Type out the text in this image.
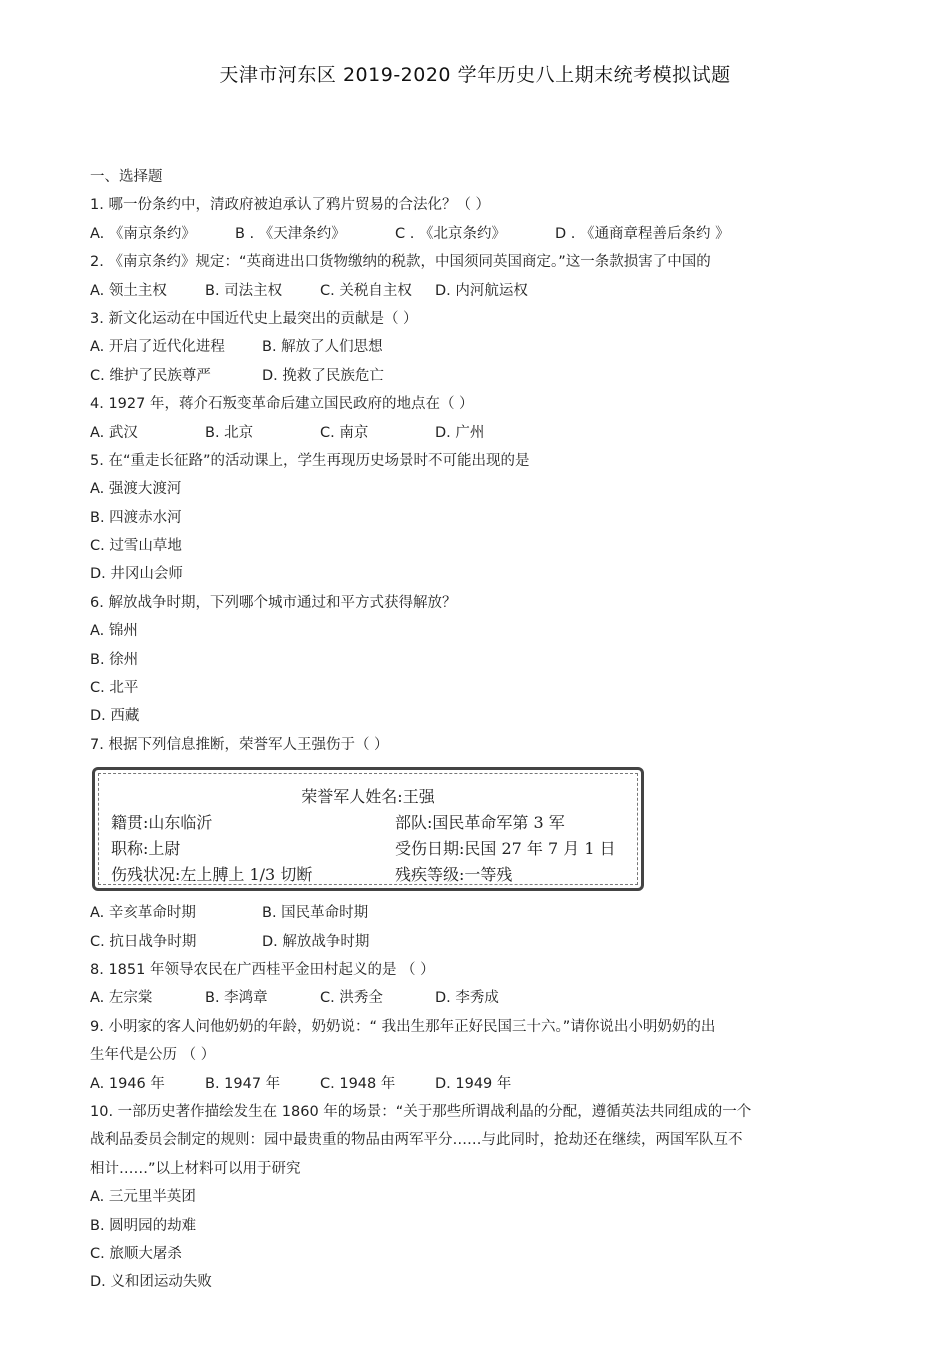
天津市河东区 2019-2020 学年历史八上期末统考模拟试题
一、选择题
1. 哪一份条约中，清政府被迫承认了鸦片贸易的合法化？（ ）
A. 《南京条约》	B . 《天津条约》	C . 《北京条约》	D . 《通商章程善后条约 》
2. 《南京条约》规定：“英商进出口货物缴纳的税款，中国须同英国商定。”这一条款损害了中国的
A. 领土主权	B. 司法主权	C. 关税自主权 D. 内河航运权
3. 新文化运动在中国近代史上最突出的贡献是（ ）
A. 开启了近代化进程	B. 解放了人们思想
C. 维护了民族尊严	D. 挽救了民族危亡
4. 1927 年，蒋介石叛变革命后建立国民政府的地点在（ ）
A. 武汉	B. 北京	C. 南京	D. 广州
5. 在“重走长征路”的活动课上，学生再现历史场景时不可能出现的是
A. 强渡大渡河
B. 四渡赤水河
C. 过雪山草地
D. 井冈山会师
6. 解放战争时期，下列哪个城市通过和平方式获得解放？
A. 锦州
B. 徐州
C. 北平
D. 西藏
7. 根据下列信息推断，荣誉军人王强伤于（ ）
荣誉军人姓名:王强
籍贯:山东临沂	部队:国民革命军第 3 军
职称:上尉	受伤日期:民国 27 年 7 月 1 日
伤残状况:左上膊上 1/3 切断	残疾等级:一等残
A. 辛亥革命时期	B. 国民革命时期
C. 抗日战争时期	D. 解放战争时期
8. 1851 年领导农民在广西桂平金田村起义的是 （ ）
A. 左宗棠	B. 李鸿章	C. 洪秀全	D. 李秀成
9. 小明家的客人问他奶奶的年龄，奶奶说：“ 我出生那年正好民国三十六。”请你说出小明奶奶的出
生年代是公历 （ ）
A. 1946 年	B. 1947 年	C. 1948 年	D. 1949 年
10. 一部历史著作描绘发生在 1860 年的场景：“关于那些所谓战利晶的分配，遵循英法共同组成的一个
战利品委员会制定的规则：园中最贵重的物品由两军平分……与此同时，抢劫还在继续，两国军队互不
相计……”以上材料可以用于研究
A. 三元里半英团
B. 圆明园的劫难
C. 旅顺大屠杀
D. 义和团运动失败
